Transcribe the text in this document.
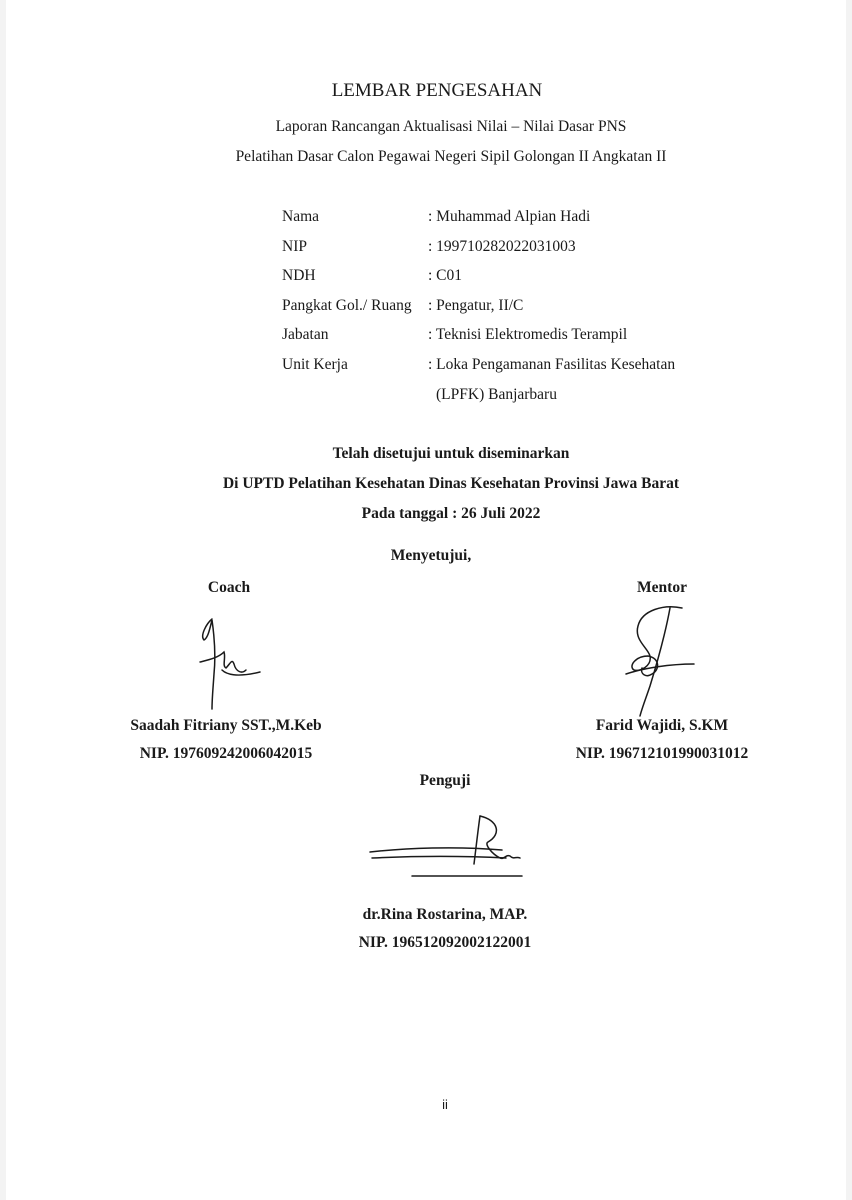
LEMBAR PENGESAHAN
Laporan Rancangan Aktualisasi Nilai – Nilai Dasar PNS
Pelatihan Dasar Calon Pegawai Negeri Sipil Golongan II Angkatan II
Nama	: Muhammad Alpian Hadi
NIP	: 199710282022031003
NDH	: C01
Pangkat Gol./ Ruang : Pengatur, II/C
Jabatan	: Teknisi Elektromedis Terampil
Unit Kerja	: Loka Pengamanan Fasilitas Kesehatan
(LPFK) Banjarbaru
Telah disetujui untuk diseminarkan
Di UPTD Pelatihan Kesehatan Dinas Kesehatan Provinsi Jawa Barat
Pada tanggal : 26 Juli 2022
Menyetujui,
Coach	Mentor
Saadah Fitriany SST.,M.Keb
NIP. 197609242006042015
Farid Wajidi, S.KM
NIP. 196712101990031012
Penguji
dr.Rina Rostarina, MAP.
NIP. 196512092002122001
ii
